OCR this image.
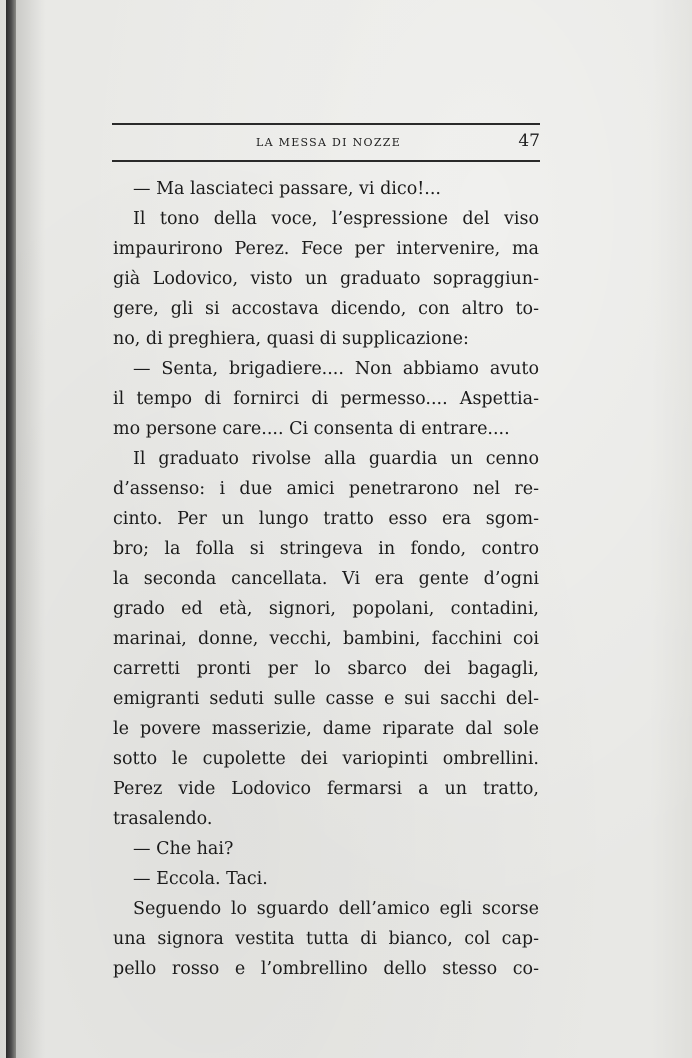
LA MESSA DI NOZZE	47
— Ma lasciateci passare, vi dico!...
Il tono della voce, l’espressione del viso
impaurirono Perez. Fece per intervenire, ma
già Lodovico, visto un graduato sopraggiun-
gere, gli si accostava dicendo, con altro to-
no, di preghiera, quasi di supplicazione:
— Senta, brigadiere.... Non abbiamo avuto
il tempo di fornirci di permesso.... Aspettia-
mo persone care.... Ci consenta di entrare....
Il graduato rivolse alla guardia un cenno
d’assenso: i due amici penetrarono nel re-
cinto. Per un lungo tratto esso era sgom-
bro; la folla si stringeva in fondo, contro
la seconda cancellata. Vi era gente d’ogni
grado ed età, signori, popolani, contadini,
marinai, donne, vecchi, bambini, facchini coi
carretti pronti per lo sbarco dei bagagli,
emigranti seduti sulle casse e sui sacchi del-
le povere masserizie, dame riparate dal sole
sotto le cupolette dei variopinti ombrellini.
Perez vide Lodovico fermarsi a un tratto,
trasalendo.
— Che hai?
— Eccola. Taci.
Seguendo lo sguardo dell’amico egli scorse
una signora vestita tutta di bianco, col cap-
pello rosso e l’ombrellino dello stesso co-
